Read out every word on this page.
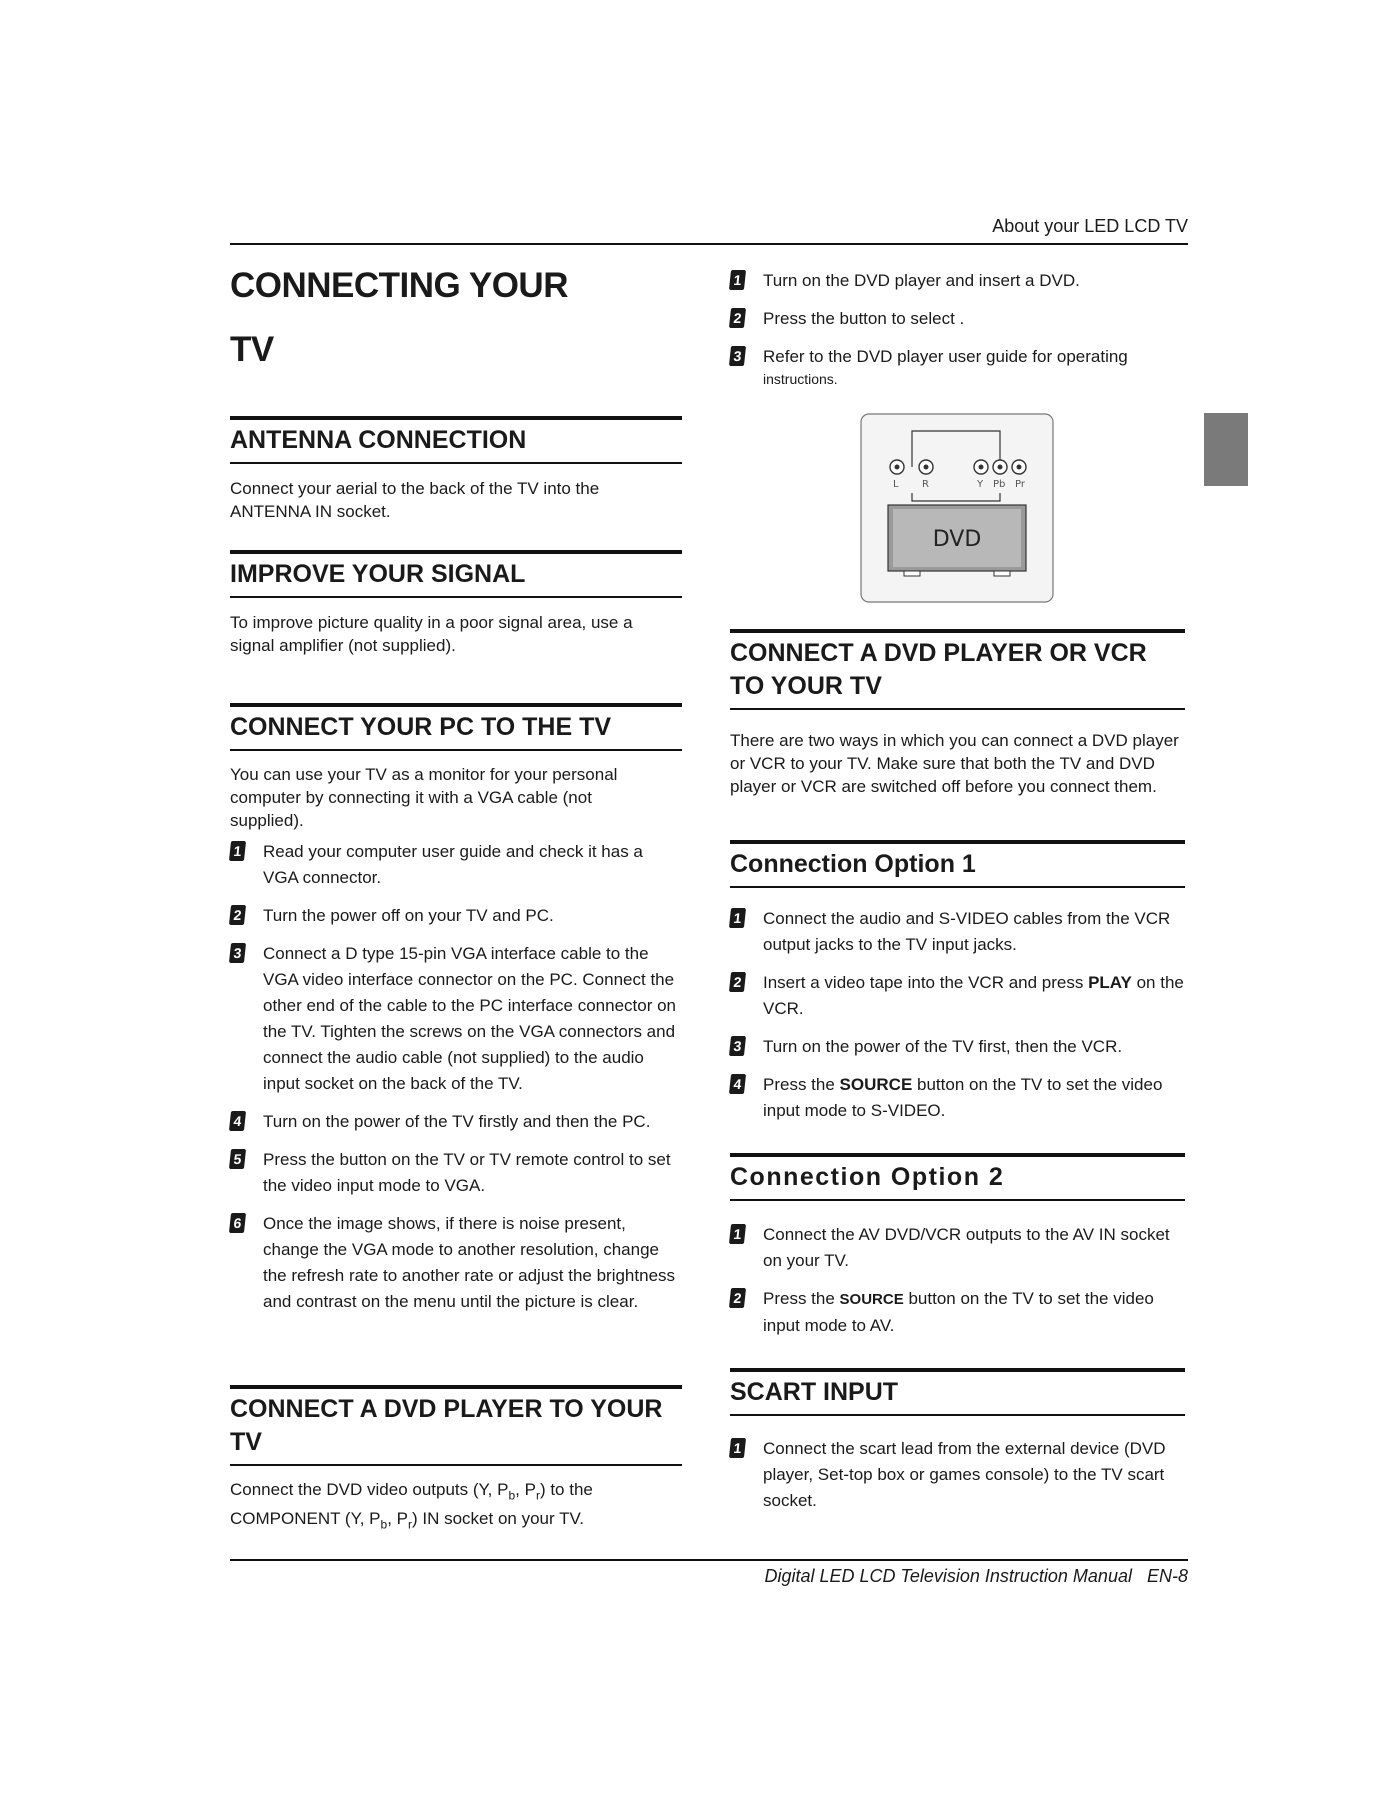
About your LED LCD TV
Digital LED LCD Television Instruction Manual EN-8
CONNECTING YOUR
TV
ANTENNA CONNECTION
Connect your aerial to the back of the TV into the ANTENNA IN socket.
IMPROVE YOUR SIGNAL
To improve picture quality in a poor signal area, use a signal amplifier (not supplied).
CONNECT YOUR PC TO THE TV
You can use your TV as a monitor for your personal computer by connecting it with a VGA cable (not supplied).
1 Read your computer user guide and check it has a VGA connector.
2 Turn the power off on your TV and PC.
3 Connect a D type 15-pin VGA interface cable to the VGA video interface connector on the PC. Connect the other end of the cable to the PC interface connector on the TV. Tighten the screws on the VGA connectors and connect the audio cable (not supplied) to the audio input socket on the back of the TV.
4 Turn on the power of the TV firstly and then the PC.
5 Press the button on the TV or TV remote control to set the video input mode to VGA.
6 Once the image shows, if there is noise present, change the VGA mode to another resolution, change the refresh rate to another rate or adjust the brightness and contrast on the menu until the picture is clear.
CONNECT A DVD PLAYER TO YOUR TV
Connect the DVD video outputs (Y, $P_b$, $P_r$) to the COMPONENT (Y, $P_b$, $P_r$) IN socket on your TV.
1 Turn on the DVD player and insert a DVD.
2 Press the button to select .
3 Refer to the DVD player user guide for operating
instructions.
L R	Y Pb Pr
DVD
CONNECT A DVD PLAYER OR VCR TO YOUR TV
There are two ways in which you can connect a DVD player or VCR to your TV. Make sure that both the TV and DVD player or VCR are switched off before you connect them.
Connection Option 1
1 Connect the audio and S-VIDEO cables from the VCR output jacks to the TV input jacks.
2 Insert a video tape into the VCR and press PLAY on the VCR.
3 Turn on the power of the TV first, then the VCR.
4 Press the SOURCE button on the TV to set the video input mode to S-VIDEO.
Connection Option 2
1 Connect the AV DVD/VCR outputs to the AV IN socket on your TV.
2 Press the SOURCE button on the TV to set the video input mode to AV.
SCART INPUT
1 Connect the scart lead from the external device (DVD player, Set-top box or games console) to the TV scart socket.
